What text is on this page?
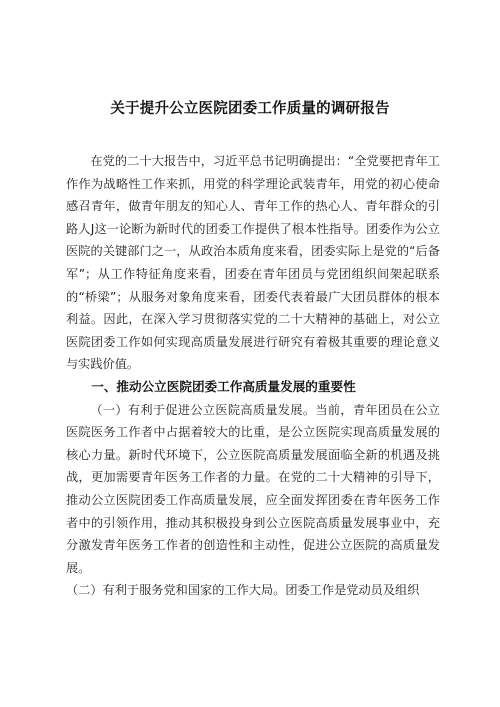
关于提升公立医院团委工作质量的调研报告

在党的二十大报告中，习近平总书记明确提出：“全党要把青年工作作为战略性工作来抓，用党的科学理论武装青年，用党的初心使命感召青年，做青年朋友的知心人、青年工作的热心人、青年群众的引路人J这一论断为新时代的团委工作提供了根本性指导。团委作为公立医院的关键部门之一，从政治本质角度来看，团委实际上是党的“后备军”；从工作特征角度来看，团委在青年团员与党团组织间架起联系的“桥梁”；从服务对象角度来看，团委代表着最广大团员群体的根本利益。因此，在深入学习贯彻落实党的二十大精神的基础上，对公立医院团委工作如何实现高质量发展进行研究有着极其重要的理论意义与实践价值。

一、推动公立医院团委工作高质量发展的重要性

（一）有利于促进公立医院高质量发展。当前，青年团员在公立医院医务工作者中占据着较大的比重，是公立医院实现高质量发展的核心力量。新时代环境下，公立医院高质量发展面临全新的机遇及挑战，更加需要青年医务工作者的力量。在党的二十大精神的引导下，推动公立医院团委工作高质量发展，应全面发挥团委在青年医务工作者中的引领作用，推动其积极投身到公立医院高质量发展事业中，充分激发青年医务工作者的创造性和主动性，促进公立医院的高质量发展。

（二）有利于服务党和国家的工作大局。团委工作是党动员及组织
